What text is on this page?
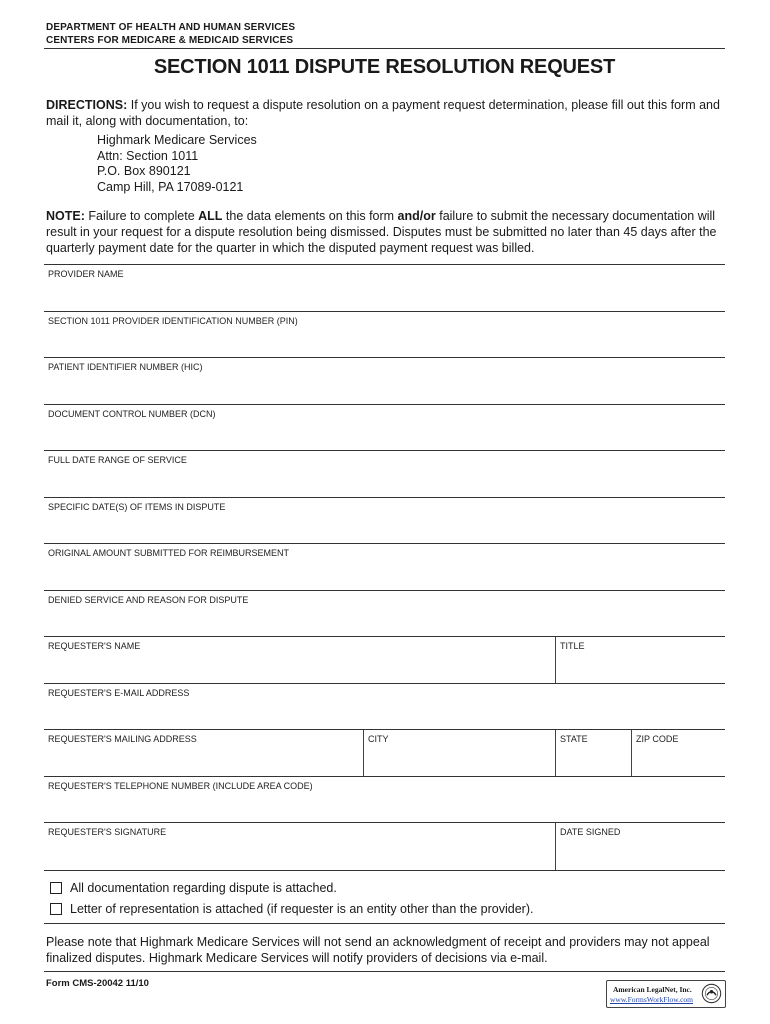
DEPARTMENT OF HEALTH AND HUMAN SERVICES
CENTERS FOR MEDICARE & MEDICAID SERVICES
SECTION 1011 DISPUTE RESOLUTION REQUEST

DIRECTIONS: If you wish to request a dispute resolution on a payment request determination, please fill out this form and mail it, along with documentation, to:

Highmark Medicare Services
Attn: Section 1011
P.O. Box 890121
Camp Hill, PA 17089-0121

NOTE: Failure to complete ALL the data elements on this form and/or failure to submit the necessary documentation will result in your request for a dispute resolution being dismissed. Disputes must be submitted no later than 45 days after the quarterly payment date for the quarter in which the disputed payment request was billed.

PROVIDER NAME
SECTION 1011 PROVIDER IDENTIFICATION NUMBER (PIN)
PATIENT IDENTIFIER NUMBER (HIC)
DOCUMENT CONTROL NUMBER (DCN)
FULL DATE RANGE OF SERVICE
SPECIFIC DATE(S) OF ITEMS IN DISPUTE
ORIGINAL AMOUNT SUBMITTED FOR REIMBURSEMENT
DENIED SERVICE AND REASON FOR DISPUTE
REQUESTER'S NAME	TITLE
REQUESTER'S E-MAIL ADDRESS
REQUESTER'S MAILING ADDRESS	CITY	STATE	ZIP CODE
REQUESTER'S TELEPHONE NUMBER (INCLUDE AREA CODE)
REQUESTER'S SIGNATURE	DATE SIGNED
All documentation regarding dispute is attached.
Letter of representation is attached (if requester is an entity other than the provider).

Please note that Highmark Medicare Services will not send an acknowledgment of receipt and providers may not appeal finalized disputes. Highmark Medicare Services will notify providers of decisions via e-mail.

Form CMS-20042 11/10
American LegalNet, Inc.
www.FormsWorkFlow.com
